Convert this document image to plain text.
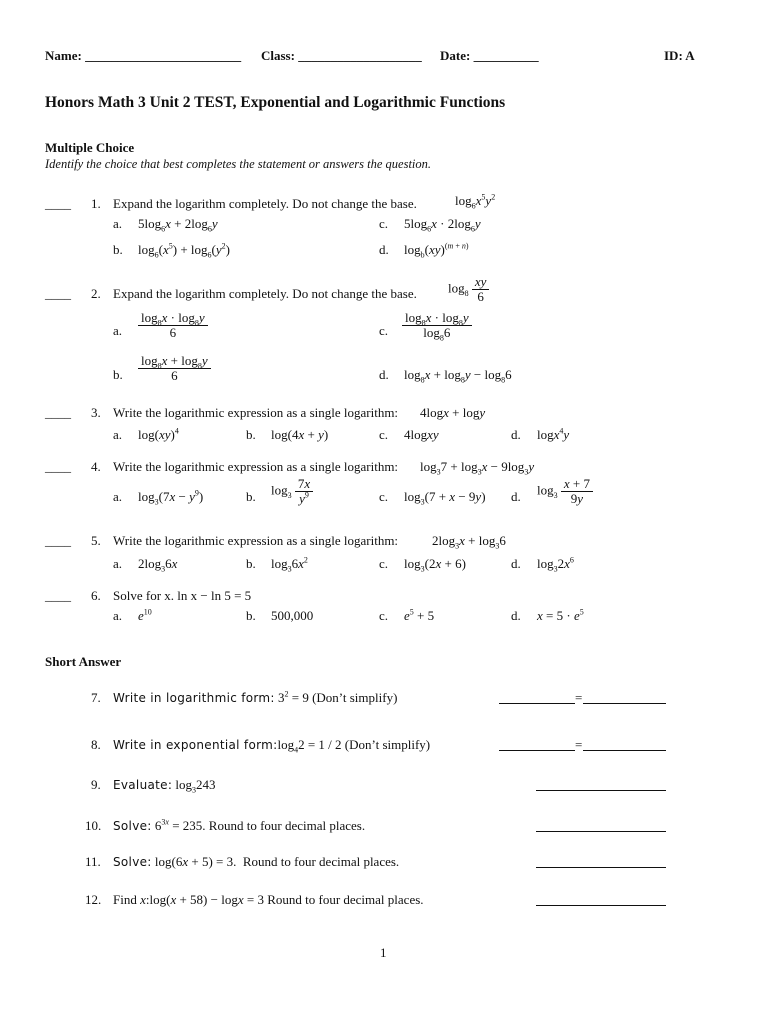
Name: ________________________ Class: ___________________ Date: __________	ID: A
Honors Math 3 Unit 2 TEST, Exponential and Logarithmic Functions
Multiple Choice
Identify the choice that best completes the statement or answers the question.
____ 1. Expand the logarithm completely. Do not change the base.	$\log_6x^5y^2$
a. $5\log_6x + 2\log_6y$	c. $5\log_6x \cdot 2\log_6y$
b. $\log_6(x^5) + \log_6(y^2)$	d. $\log_b(xy)^{(m + n)}$
____ 2. Expand the logarithm completely. Do not change the base. $\log_8 \frac{xy}{6}$
a. $\frac{\log_8x \cdot \log_8y}{6}$	c. $\frac{\log_8x \cdot \log_8y}{\log_86}$
b. $\frac{\log_8x + \log_8y}{6}$	d. $\log_8x + \log_8y - \log_86$
____ 3. Write the logarithmic expression as a single logarithm: 4logx + logy
a. log(xy)$^4$	b. log(4x + y)	c. 4logxy	d. logx$^4$y
____ 4. Write the logarithmic expression as a single logarithm: $\log_37 + \log_3x - 9\log_3y$
a. $\log_3(7x - y^9)$	b. $\log_3 \frac{7x}{y^9}$	c. $\log_3(7 + x - 9y)$ d. $\log_3 \frac{x + 7}{9y}$
____ 5. Write the logarithmic expression as a single logarithm:	$2\log_3x + \log_36$
a. $2\log_36x$	b. $\log_36x^2$	c. $\log_3(2x + 6)$	d. $\log_32x^6$
____ 6. Solve for x. ln x − ln 5 = 5
a. $e^{10}$	b. 500,000	c. $e^5 + 5$	d. $x = 5 \cdot e^5$
Short Answer
7. Write in logarithmic form: $3^2 = 9$ (Don’t simplify)	=
8. Write in exponential $form:\log_42 = 1 / 2$ (Don’t simplify)	=
9. Evaluate: $\log_3243$
10. Solve: $6^{3x} = 235$. Round to four decimal places.
11. Solve: log(6x + 5) = 3.  Round to four decimal places.
12. Find x:log(x + 58) − logx = 3 Round to four decimal places.
1
